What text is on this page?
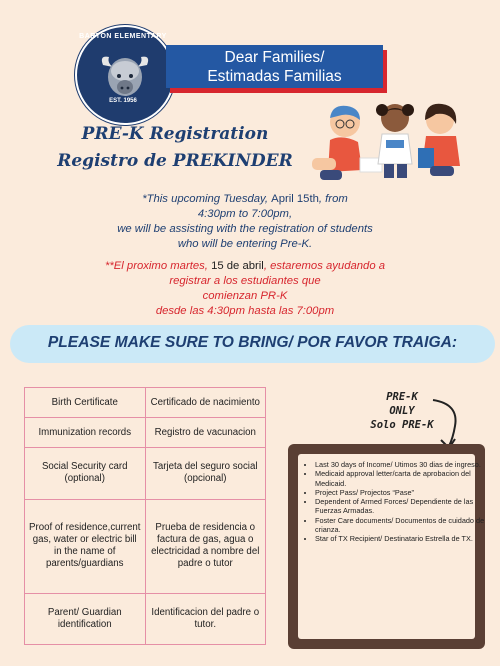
BARTON ELEMENTARY
EST. 1956
Dear Families/
Estimadas Familias
PRE-K Registration
Registro de PREKINDER
*This upcoming Tuesday, April 15th, from
4:30pm to 7:00pm,
we will be assisting with the registration of students
who will be entering Pre-K.
**El proximo martes, 15 de abril, estaremos ayudando a
registrar a los estudiantes que
comienzan PR-K
desde las 4:30pm hasta las 7:00pm
PLEASE MAKE SURE TO BRING/ POR FAVOR TRAIGA:
Birth Certificate	Certificado de nacimiento
Immunization records	Registro de vacunacion
Social Security card (optional)	Tarjeta del seguro social (opcional)
Proof of residence,current gas, water or electric bill in the name of parents/guardians	Prueba de residencia o factura de gas, agua o electricidad a nombre del padre o tutor
Parent/ Guardian identification	Identificacion del padre o tutor.
PRE-K
ONLY
Solo PRE-K
• Last 30 days of Income/ Utimos 30 dias de ingreso.
• Medicaid approval letter/carta de aprobacion del Medicaid.
• Project Pass/ Projectos “Pase”
• Dependent of Armed Forces/ Dependiente de las Fuerzas Armadas.
• Foster Care documents/ Documentos de cuidado de crianza.
• Star of TX Recipient/ Destinatario Estrella de TX.
